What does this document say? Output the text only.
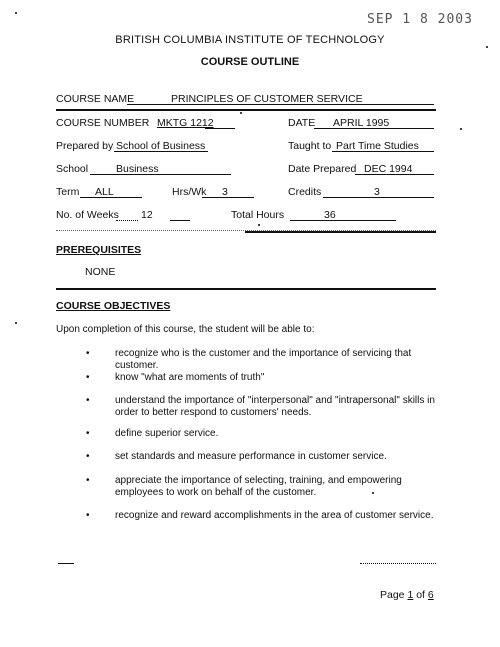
SEP 1 8 2003
BRITISH COLUMBIA INSTITUTE OF TECHNOLOGY
COURSE OUTLINE
COURSE NAME	PRINCIPLES OF CUSTOMER SERVICE
COURSE NUMBER MKTG 1212	DATE APRIL 1995
Prepared by School of Business	Taught to Part Time Studies
School	Business	Date Prepared DEC 1994
Term ALL	Hrs/Wk 3	Credits	3
No. of Weeks 12	Total Hours	36
PREREQUISITES
NONE
COURSE OBJECTIVES
Upon completion of this course, the student will be able to:
•	recognize who is the customer and the importance of servicing that customer.
•	know "what are moments of truth"
•	understand the importance of "interpersonal" and "intrapersonal" skills in order to better respond to customers' needs.
•	define superior service.
•	set standards and measure performance in customer service.
•	appreciate the importance of selecting, training, and empowering employees to work on behalf of the customer.
•	recognize and reward accomplishments in the area of customer service.
Page 1 of 6
